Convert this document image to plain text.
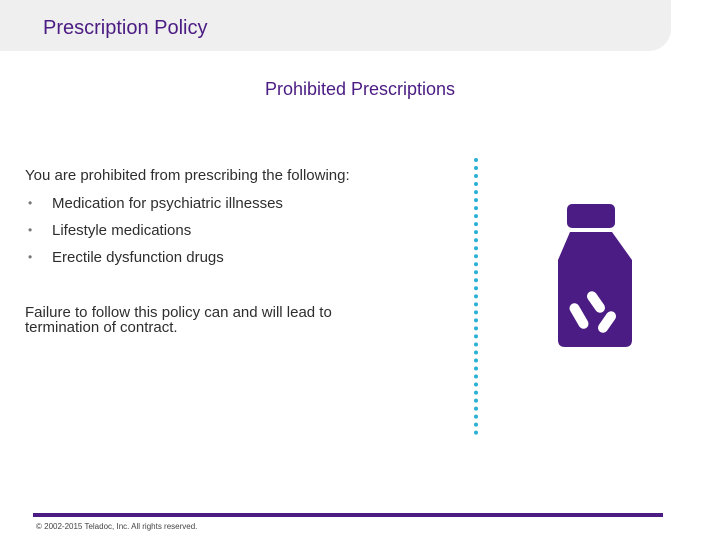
Prescription Policy
Prohibited Prescriptions
You are prohibited from prescribing the following:
• Medication for psychiatric illnesses
• Lifestyle medications
• Erectile dysfunction drugs
Failure to follow this policy can and will lead to termination of contract.
© 2002-2015 Teladoc, Inc. All rights reserved.
